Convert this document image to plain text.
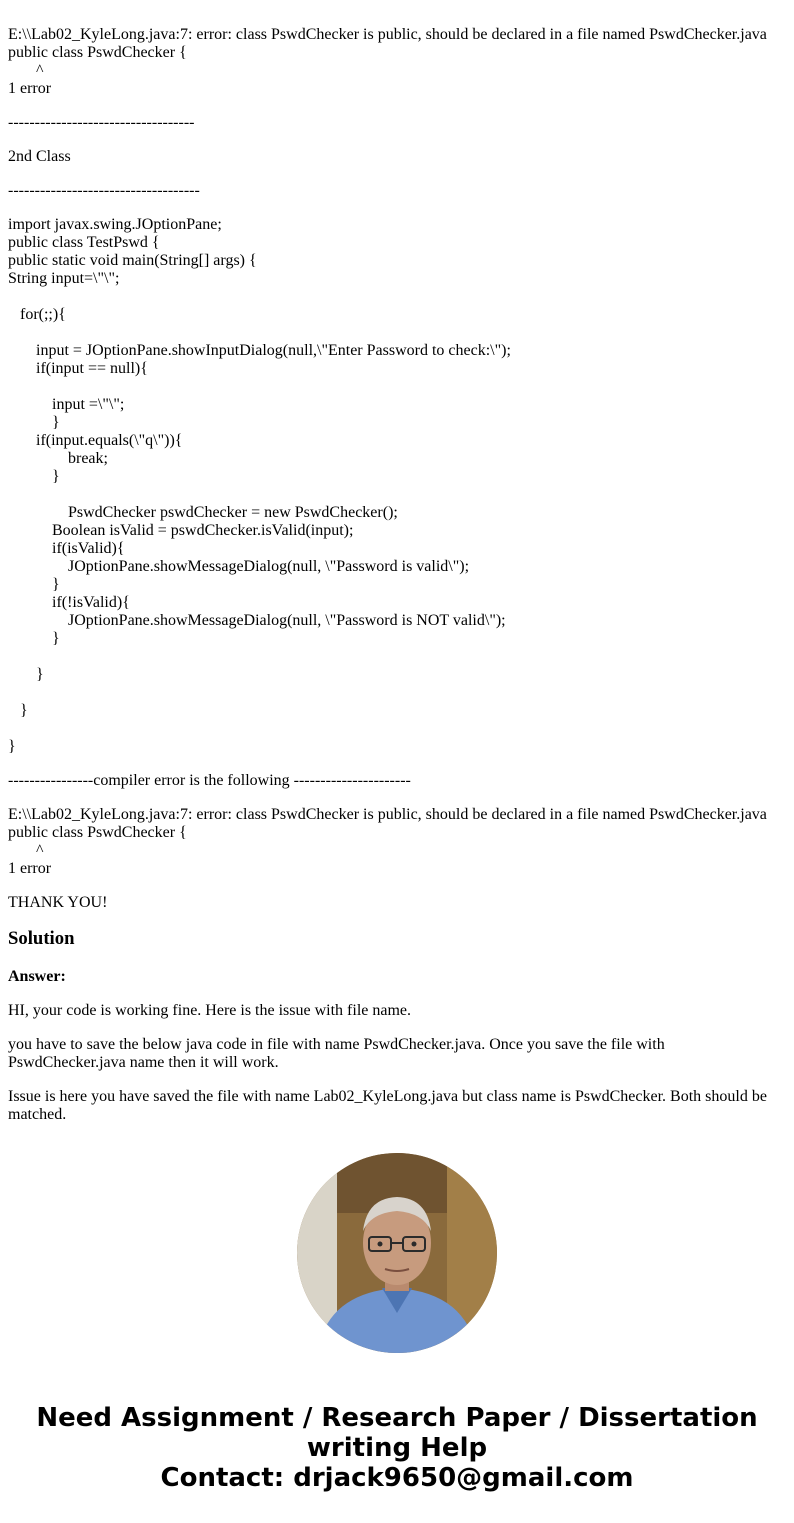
E:\\Lab02_KyleLong.java:7: error: class PswdChecker is public, should be declared in a file named PswdChecker.java
public class PswdChecker {
^
1 error
-----------------------------------
2nd Class
------------------------------------
import javax.swing.JOptionPane;
public class TestPswd {
public static void main(String[] args) {
String input=\"\";
for(;;){
input = JOptionPane.showInputDialog(null,\"Enter Password to check:\");
if(input == null){
input =\"\";
}
if(input.equals(\"q\")){
break;
}
PswdChecker pswdChecker = new PswdChecker();
Boolean isValid = pswdChecker.isValid(input);
if(isValid){
JOptionPane.showMessageDialog(null, \"Password is valid\");
}
if(!isValid){
JOptionPane.showMessageDialog(null, \"Password is NOT valid\");
}
}
}
}
----------------compiler error is the following ----------------------
E:\\Lab02_KyleLong.java:7: error: class PswdChecker is public, should be declared in a file named PswdChecker.java
public class PswdChecker {
^
1 error
THANK YOU!
Solution
Answer:

HI, your code is working fine. Here is the issue with file name.

you have to save the below java code in file with name PswdChecker.java. Once you save the file with PswdChecker.java name then it will work.

Issue is here you have saved the file with name Lab02_KyleLong.java but class name is PswdChecker. Both should be matched.

Need Assignment / Research Paper / Dissertation
writing Help
Contact: drjack9650@gmail.com
